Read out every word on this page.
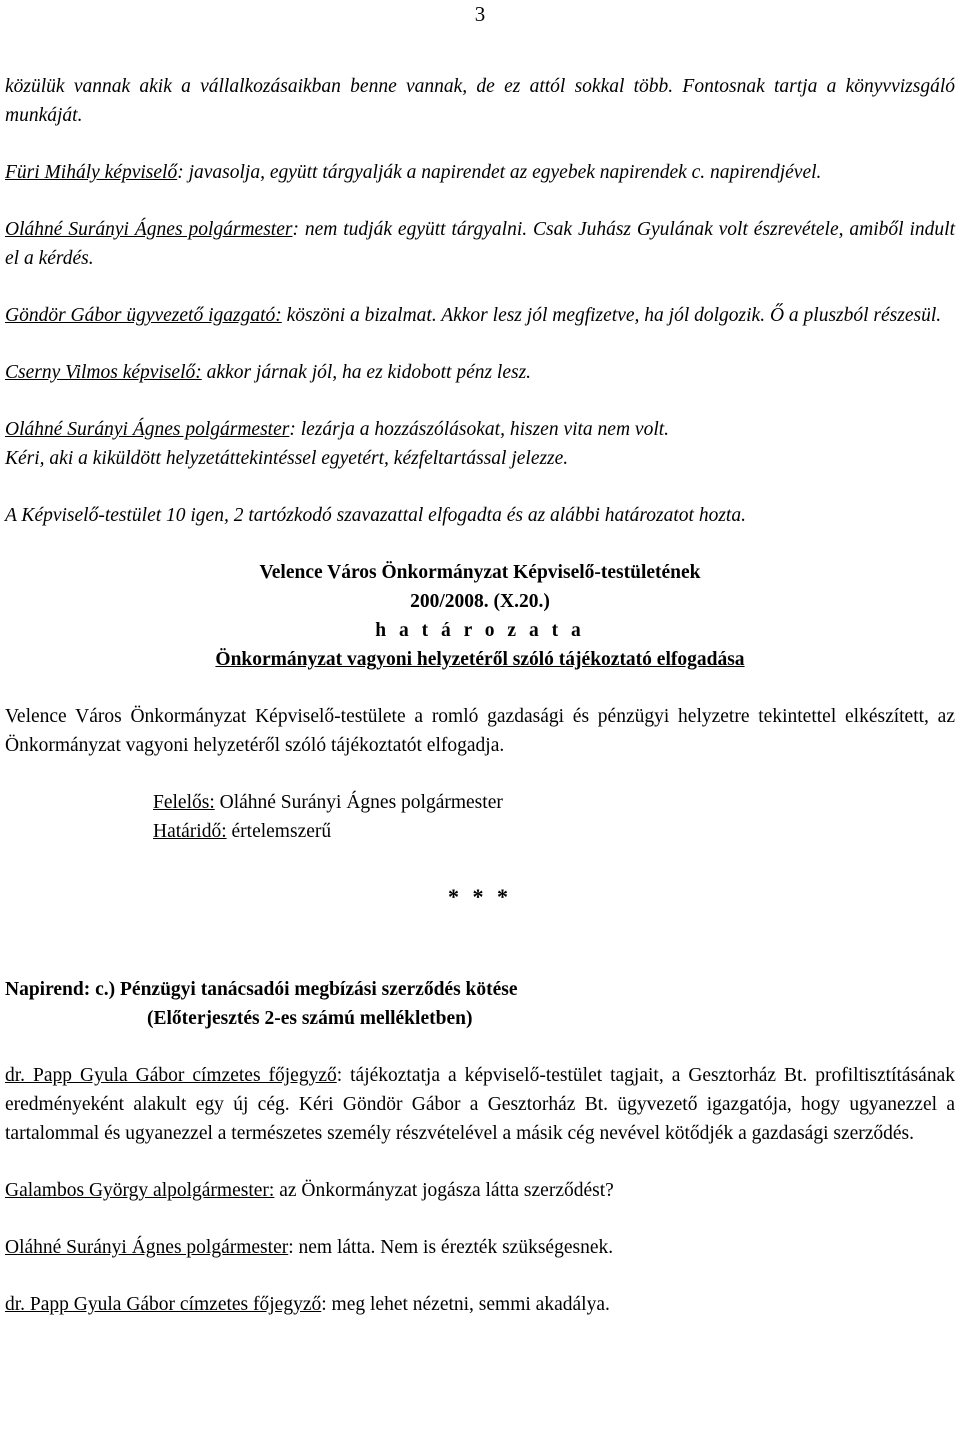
3

közülük vannak akik a vállalkozásaikban benne vannak, de ez attól sokkal több. Fontosnak tartja a könyvvizsgáló munkáját.

Füri Mihály képviselő: javasolja, együtt tárgyalják a napirendet az egyebek napirendek c. napirendjével.

Oláhné Surányi Ágnes polgármester: nem tudják együtt tárgyalni. Csak Juhász Gyulának volt észrevétele, amiből indult el a kérdés.

Göndör Gábor ügyvezető igazgató: köszöni a bizalmat. Akkor lesz jól megfizetve, ha jól dolgozik. Ő a pluszból részesül.

Cserny Vilmos képviselő: akkor járnak jól, ha ez kidobott pénz lesz.

Oláhné Surányi Ágnes polgármester: lezárja a hozzászólásokat, hiszen vita nem volt.
Kéri, aki a kiküldött helyzetáttekintéssel egyetért, kézfeltartással jelezze.

A Képviselő-testület 10 igen, 2 tartózkodó szavazattal elfogadta és az alábbi határozatot hozta.

Velence Város Önkormányzat Képviselő-testületének
200/2008. (X.20.)
h a t á r o z a t a
Önkormányzat vagyoni helyzetéről szóló tájékoztató elfogadása

Velence Város Önkormányzat Képviselő-testülete a romló gazdasági és pénzügyi helyzetre tekintettel elkészített, az Önkormányzat vagyoni helyzetéről szóló tájékoztatót elfogadja.

Felelős: Oláhné Surányi Ágnes polgármester
Határidő: értelemszerű
* * *
Napirend: c.) Pénzügyi tanácsadói megbízási szerződés kötése
(Előterjesztés 2-es számú mellékletben)

dr. Papp Gyula Gábor címzetes főjegyző: tájékoztatja a képviselő-testület tagjait, a Gesztorház Bt. profiltisztításának eredményeként alakult egy új cég. Kéri Göndör Gábor a Gesztorház Bt. ügyvezető igazgatója, hogy ugyanezzel a tartalommal és ugyanezzel a természetes személy részvételével a másik cég nevével kötődjék a gazdasági szerződés.

Galambos György alpolgármester: az Önkormányzat jogásza látta szerződést?

Oláhné Surányi Ágnes polgármester: nem látta. Nem is érezték szükségesnek.

dr. Papp Gyula Gábor címzetes főjegyző: meg lehet nézetni, semmi akadálya.
